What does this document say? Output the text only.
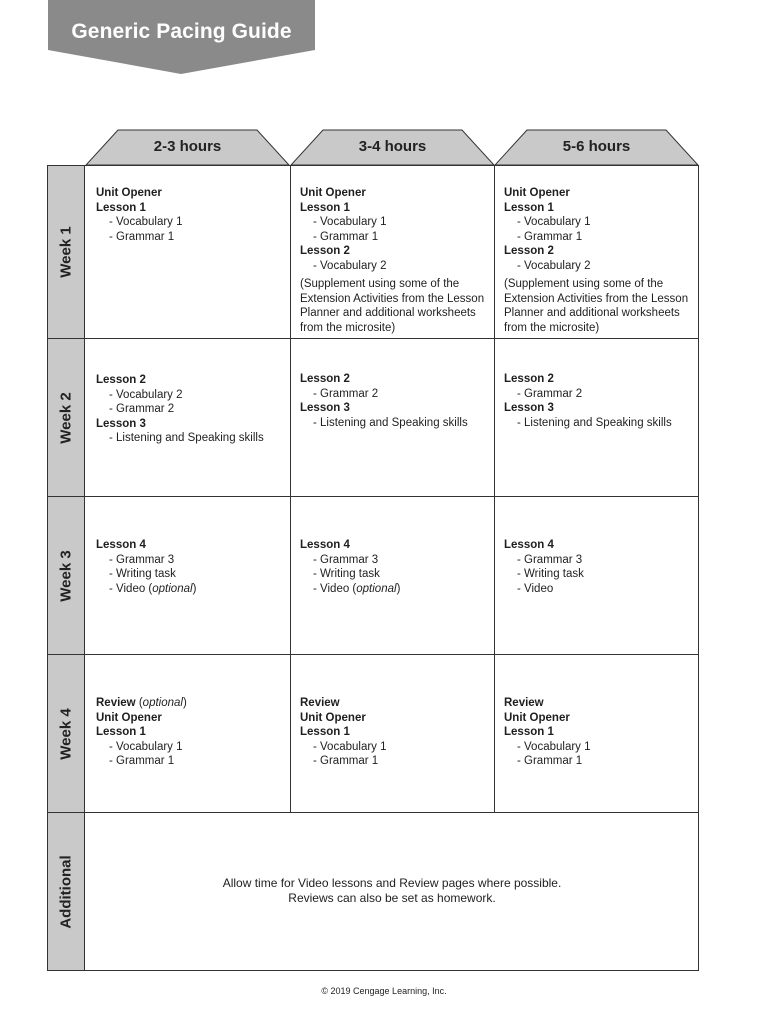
Generic Pacing Guide
2-3 hours	3-4 hours	5-6 hours
Week 1
Week 2
Week 3
Week 4
Additional
Unit Opener
Lesson 1
- Vocabulary 1
- Grammar 1
Unit Opener
Lesson 1
- Vocabulary 1
- Grammar 1
Lesson 2
- Vocabulary 2
(Supplement using some of the Extension Activities from the Lesson Planner and additional worksheets from the microsite)
Unit Opener
Lesson 1
- Vocabulary 1
- Grammar 1
Lesson 2
- Vocabulary 2
(Supplement using some of the Extension Activities from the Lesson Planner and additional worksheets from the microsite)
Lesson 2
- Vocabulary 2
- Grammar 2
Lesson 3
- Listening and Speaking skills
Lesson 2
- Grammar 2
Lesson 3
- Listening and Speaking skills
Lesson 2
- Grammar 2
Lesson 3
- Listening and Speaking skills
Lesson 4
- Grammar 3
- Writing task
- Video (optional)
Lesson 4
- Grammar 3
- Writing task
- Video (optional)
Lesson 4
- Grammar 3
- Writing task
- Video
Review (optional)
Unit Opener
Lesson 1
- Vocabulary 1
- Grammar 1
Review
Unit Opener
Lesson 1
- Vocabulary 1
- Grammar 1
Review
Unit Opener
Lesson 1
- Vocabulary 1
- Grammar 1
Allow time for Video lessons and Review pages where possible.
Reviews can also be set as homework.
© 2019 Cengage Learning, Inc.
